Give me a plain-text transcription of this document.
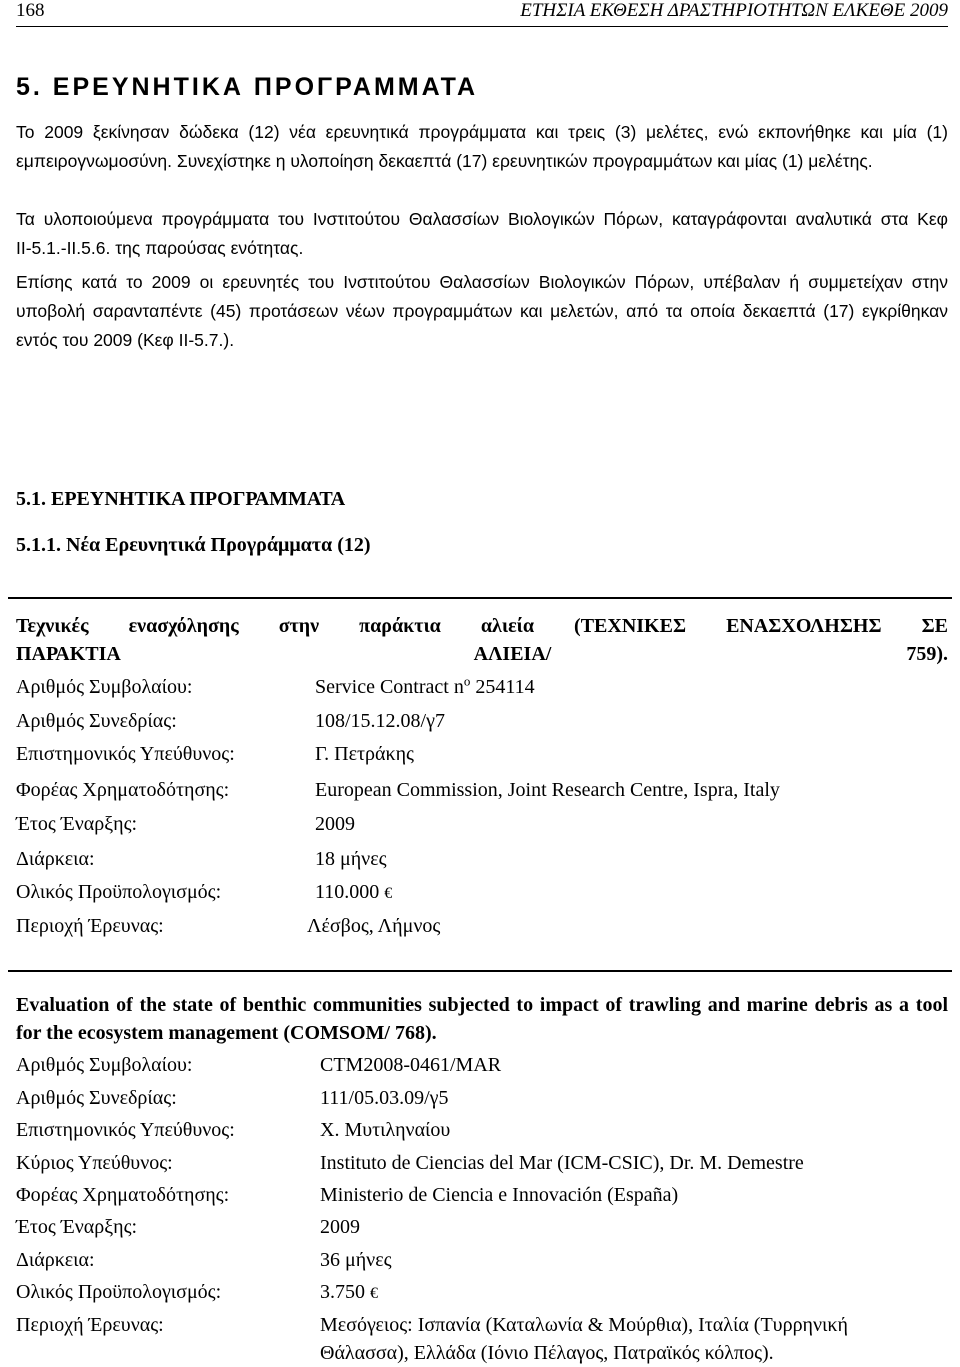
168	ΕΤΗΣΙΑ ΕΚΘΕΣΗ ΔΡΑΣΤΗΡΙΟΤΗΤΩΝ ΕΛΚΕΘΕ 2009
5. ΕΡΕΥΝΗΤΙΚΑ ΠΡΟΓΡΑΜΜΑΤΑ

Το 2009 ξεκίνησαν δώδεκα (12) νέα ερευνητικά προγράμματα και τρεις (3) μελέτες, ενώ εκπονήθηκε και μία (1) εμπειρογνωμοσύνη. Συνεχίστηκε η υλοποίηση δεκαεπτά (17) ερευνητικών προγραμμάτων και μίας (1) μελέτης.

Τα υλοποιούμενα προγράμματα του Ινστιτούτου Θαλασσίων Βιολογικών Πόρων, καταγράφονται αναλυτικά στα Κεφ ΙΙ-5.1.-ΙΙ.5.6. της παρούσας ενότητας.

Επίσης κατά το 2009 οι ερευνητές του Ινστιτούτου Θαλασσίων Βιολογικών Πόρων, υπέβαλαν ή συμμετείχαν στην υποβολή σαρανταπέντε (45) προτάσεων νέων προγραμμάτων και μελετών, από τα οποία δεκαεπτά (17) εγκρίθηκαν εντός του 2009 (Κεφ ΙΙ-5.7.).

5.1. ΕΡΕΥΝΗΤΙΚΑ ΠΡΟΓΡΑΜΜΑΤΑ
5.1.1. Νέα Ερευνητικά Προγράμματα (12)

Τεχνικές ενασχόλησης στην παράκτια αλιεία (ΤΕΧΝΙΚΕΣ ΕΝΑΣΧΟΛΗΣΗΣ ΣΕ
ΠΑΡΑΚΤΙΑ ΑΛΙΕΙΑ/ 759).

Αριθμός Συμβολαίου:	Service Contract $n^o$ 254114
Αριθμός Συνεδρίας:	108/15.12.08/γ7
Επιστημονικός Υπεύθυνος:	Γ. Πετράκης
Φορέας Χρηματοδότησης:	European Commission, Joint Research Centre, Ispra, Italy
Έτος Έναρξης:	2009
Διάρκεια:	18 μήνες
Ολικός Προϋπολογισμός:	110.000 €
Περιοχή Έρευνας:	Λέσβος, Λήμνος

Evaluation of the state of benthic communities subjected to impact of trawling and marine debris as a tool for the ecosystem management (COMSOM/ 768).

Αριθμός Συμβολαίου:	CTM2008-0461/MAR
Αριθμός Συνεδρίας:	111/05.03.09/γ5
Επιστημονικός Υπεύθυνος:	Χ. Μυτιληναίου
Κύριος Υπεύθυνος:	Instituto de Ciencias del Mar (ICM-CSIC), Dr. M. Demestre
Φορέας Χρηματοδότησης:	Ministerio de Ciencia e Innovación (España)
Έτος Έναρξης:	2009
Διάρκεια:	36 μήνες
Ολικός Προϋπολογισμός:	3.750 €
Περιοχή Έρευνας:	Μεσόγειος: Ισπανία (Καταλωνία & Μούρθια), Ιταλία (Τυρρηνική Θάλασσα), Ελλάδα (Ιόνιο Πέλαγος, Πατραϊκός κόλπος).
